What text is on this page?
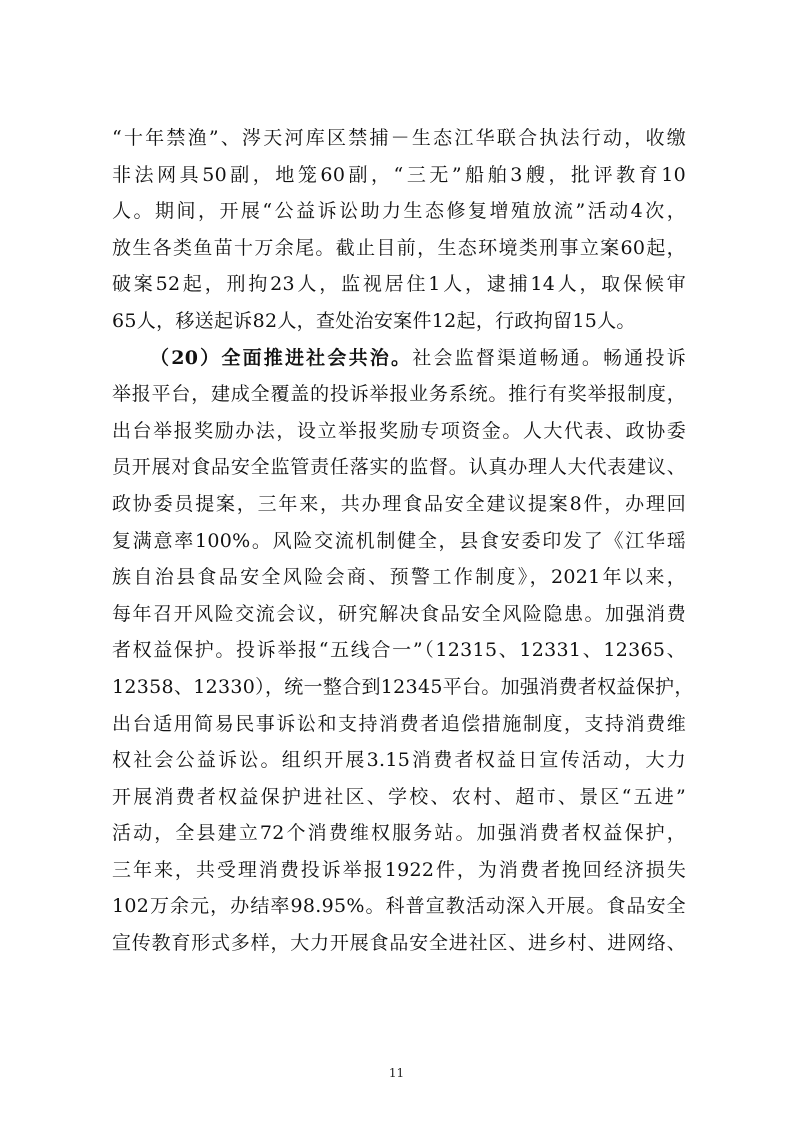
“十年禁渔”、涔天河库区禁捕－生态江华联合执法行动，收缴
非法网具50副，地笼60副，“三无”船舶3艘，批评教育10
人。期间，开展“公益诉讼助力生态修复增殖放流”活动4次，
放生各类鱼苗十万余尾。截止目前，生态环境类刑事立案60起，
破案52起，刑拘23人，监视居住1人，逮捕14人，取保候审
65人，移送起诉82人，查处治安案件12起，行政拘留15人。
（20）全面推进社会共治。社会监督渠道畅通。畅通投诉
举报平台，建成全覆盖的投诉举报业务系统。推行有奖举报制度，
出台举报奖励办法，设立举报奖励专项资金。人大代表、政协委
员开展对食品安全监管责任落实的监督。认真办理人大代表建议、
政协委员提案，三年来，共办理食品安全建议提案8件，办理回
复满意率100%。风险交流机制健全，县食安委印发了《江华瑶
族自治县食品安全风险会商、预警工作制度》，2021年以来，
每年召开风险交流会议，研究解决食品安全风险隐患。加强消费
者权益保护。投诉举报“五线合一”（12315、12331、12365、
12358、12330），统一整合到12345平台。加强消费者权益保护，
出台适用简易民事诉讼和支持消费者追偿措施制度，支持消费维
权社会公益诉讼。组织开展3.15消费者权益日宣传活动，大力
开展消费者权益保护进社区、学校、农村、超市、景区“五进”
活动，全县建立72个消费维权服务站。加强消费者权益保护，
三年来，共受理消费投诉举报1922件，为消费者挽回经济损失
102万余元，办结率98.95%。科普宣教活动深入开展。食品安全
宣传教育形式多样，大力开展食品安全进社区、进乡村、进网络、
11
